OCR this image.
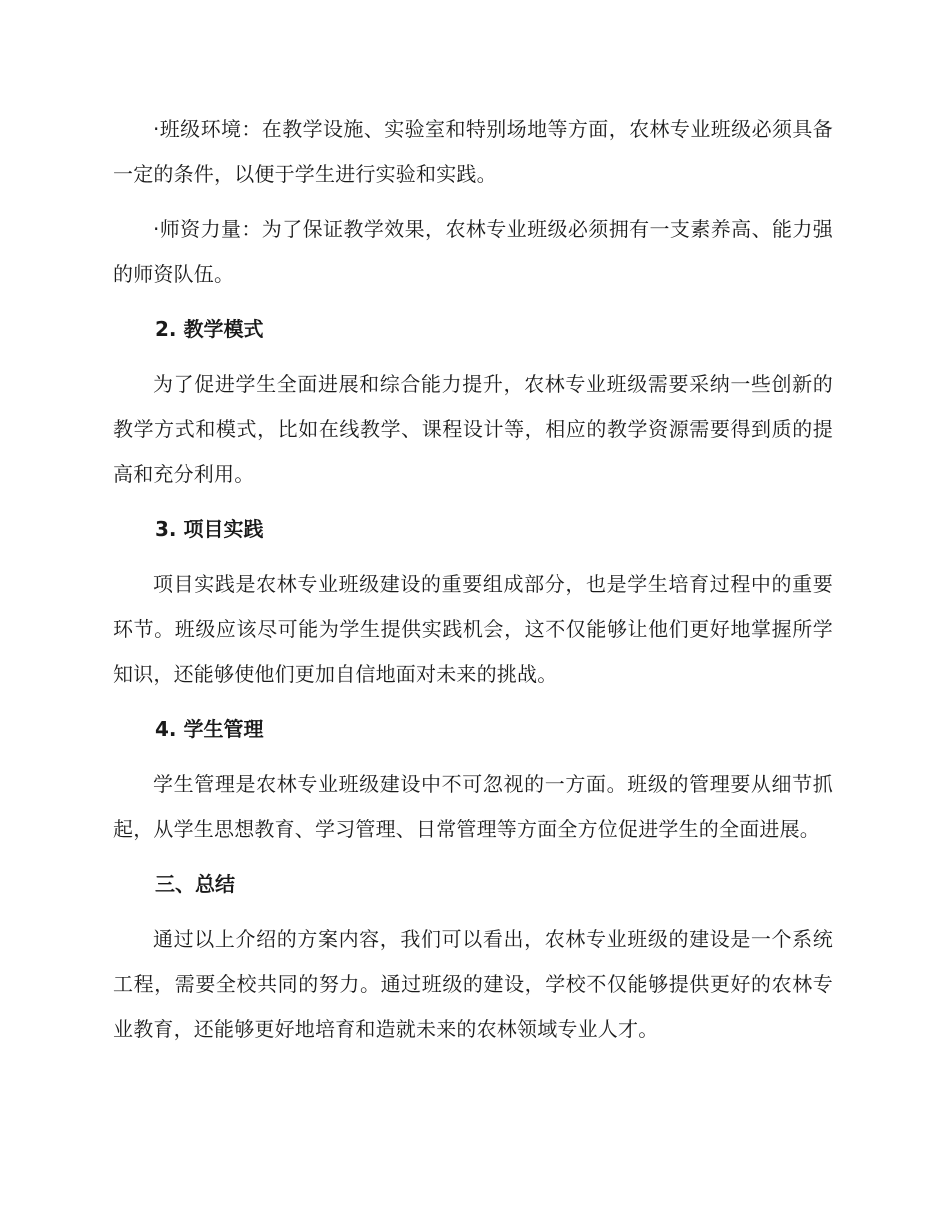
·班级环境：在教学设施、实验室和特别场地等方面，农林专业班级必须具备一定的条件，以便于学生进行实验和实践。

·师资力量：为了保证教学效果，农林专业班级必须拥有一支素养高、能力强的师资队伍。

2. 教学模式

为了促进学生全面进展和综合能力提升，农林专业班级需要采纳一些创新的教学方式和模式，比如在线教学、课程设计等，相应的教学资源需要得到质的提高和充分利用。

3. 项目实践

项目实践是农林专业班级建设的重要组成部分，也是学生培育过程中的重要环节。班级应该尽可能为学生提供实践机会，这不仅能够让他们更好地掌握所学知识，还能够使他们更加自信地面对未来的挑战。

4. 学生管理

学生管理是农林专业班级建设中不可忽视的一方面。班级的管理要从细节抓起，从学生思想教育、学习管理、日常管理等方面全方位促进学生的全面进展。

三、总结

通过以上介绍的方案内容，我们可以看出，农林专业班级的建设是一个系统工程，需要全校共同的努力。通过班级的建设，学校不仅能够提供更好的农林专业教育，还能够更好地培育和造就未来的农林领域专业人才。
